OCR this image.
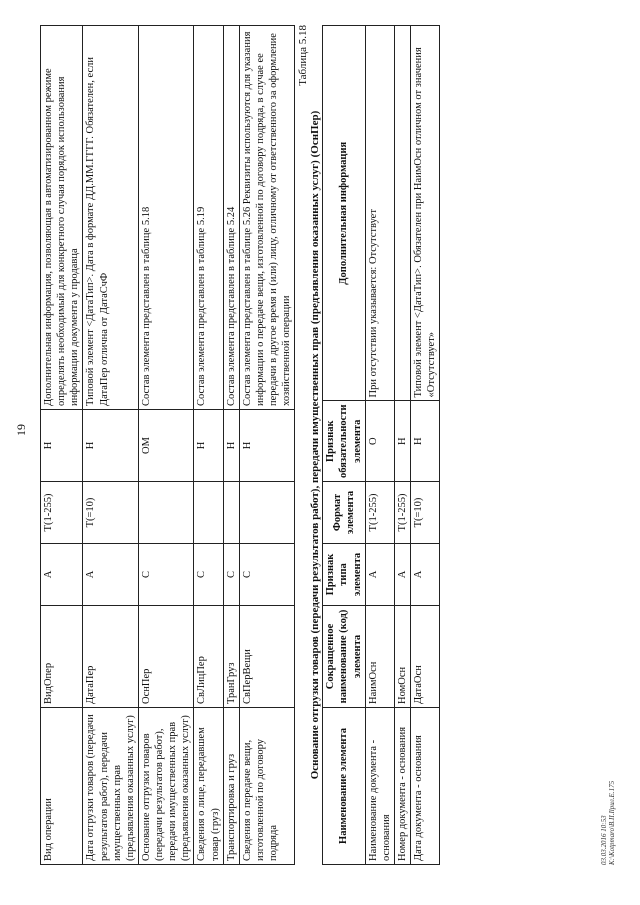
19
Вид операции	ВидОпер	А	Т(1-255)	Н	Дополнительная информация, позволяющая в автоматизированном режиме определять необходимый для конкретного случая порядок использования информации документа у продавца
Дата отгрузки товаров (передачи результатов работ), передачи имущественных прав (предъявления оказанных услуг)	ДатаПер	А	Т(=10)	Н	Типовой элемент <ДатаТип>. Дата в формате ДД.ММ.ГГГГ. Обязателен, если ДатаПер отлична от ДатаСчФ
Основание отгрузки товаров (передачи результатов работ), передачи имущественных прав (предъявления оказанных услуг)	ОснПер	С		ОМ	Состав элемента представлен в таблице 5.18
Сведения о лице, передавшем товар (груз)	СвЛицПер	С		Н	Состав элемента представлен в таблице 5.19
Транспортировка и груз	ТранГруз	С		Н	Состав элемента представлен в таблице 5.24
Сведения о передаче вещи, изготовленной по договору подряда	СвПерВещи	С		Н	Состав элемента представлен в таблице 5.26 Реквизиты используются для указания информации о передаче вещи, изготовленной по договору подряда, в случае ее передачи в другое время и (или) лицу, отличному от ответственного за оформление хозяйственной операции
Таблица 5.18
Основание отгрузки товаров (передачи результатов работ), передачи имущественных прав (предъявления оказанных услуг) (ОснПер)
Наименование элемента	Сокращенное наименование (код) элемента	Признак типа элемента	Формат элемента	Признак обязательности элемента	Дополнительная информация
Наименование документа - основания	НаимОсн	А	Т(1-255)	О	При отсутствии указывается: Отсутствует
Номер документа - основания	НомОсн	А	Т(1-255)	Н	
Дата документа - основания	ДатаОсн	А	Т(=10)	Н	Типовой элемент <ДатаТип>. Обязателен при НаимОсн отличном от значения «Отсутствует»
03.03.2016 10:53 K:\Kotpmaro\B.II.Ilpuл.E.175
